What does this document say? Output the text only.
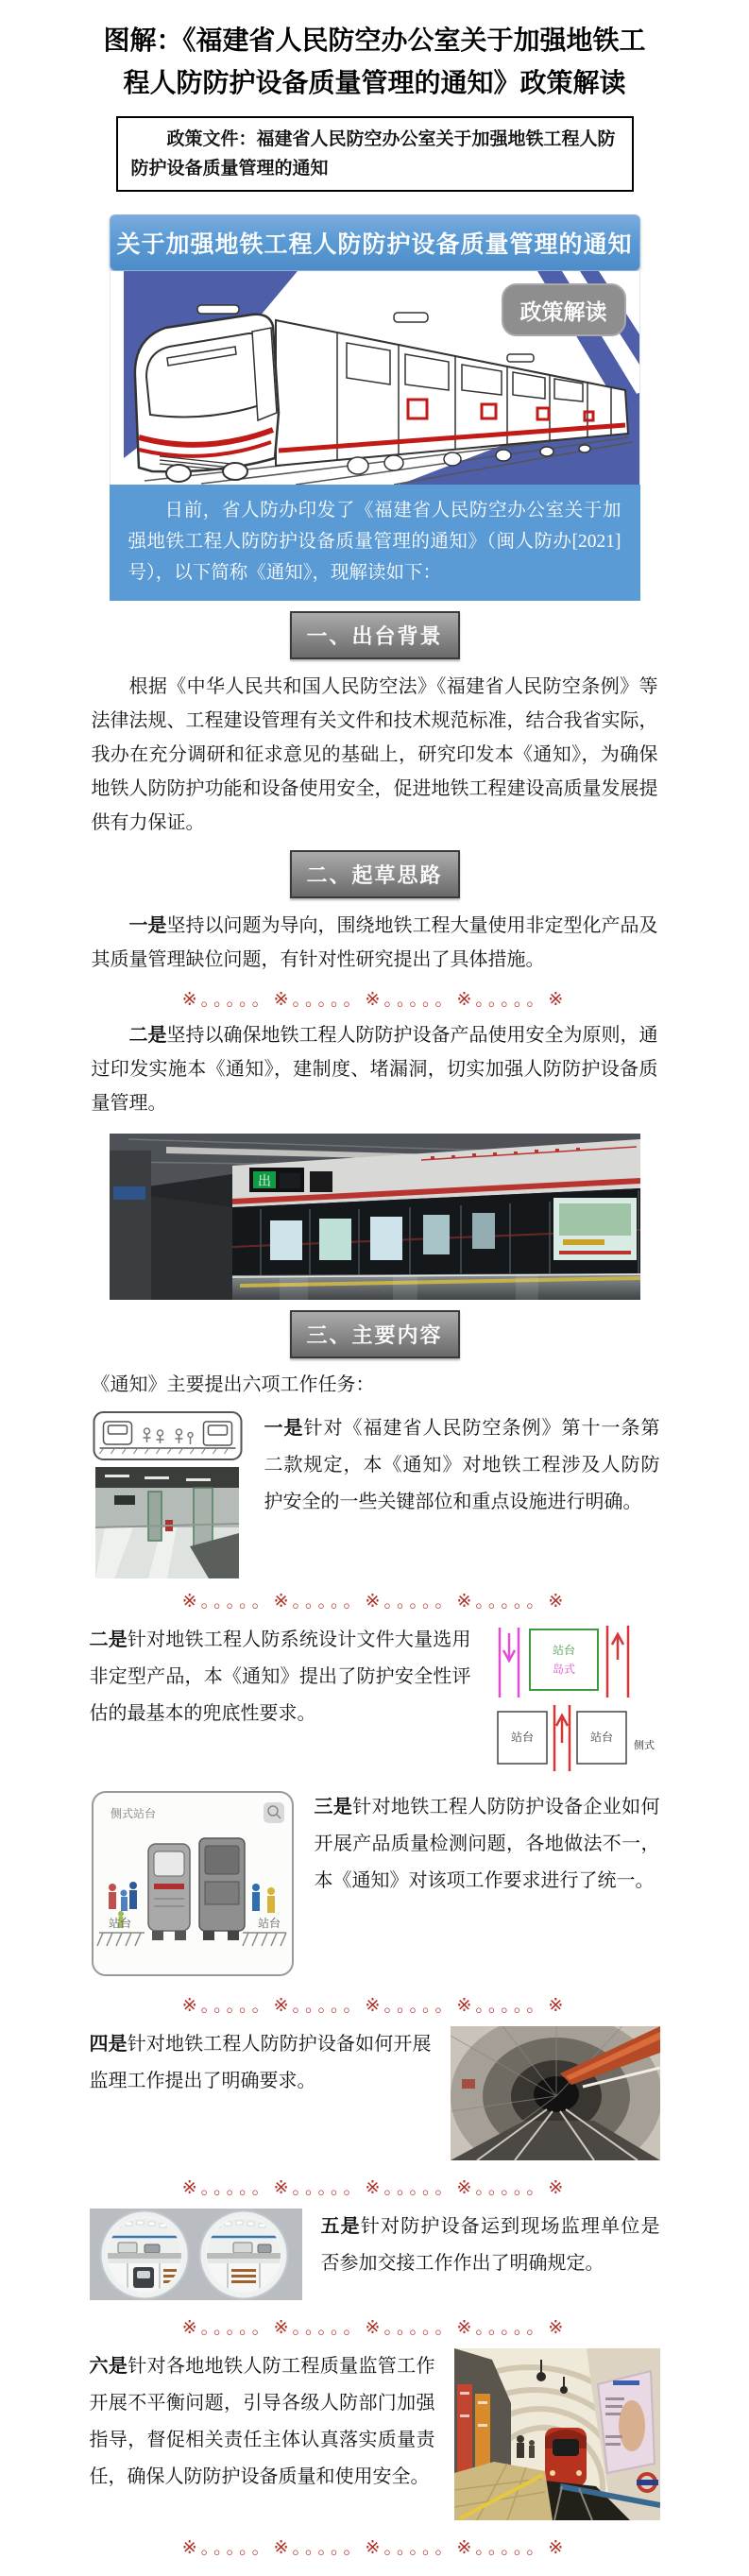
图解：《福建省人民防空办公室关于加强地铁工程人防防护设备质量管理的通知》政策解读
政策文件：福建省人民防空办公室关于加强地铁工程人防防护设备质量管理的通知
关于加强地铁工程人防防护设备质量管理的通知
政策解读
日前，省人防办印发了《福建省人民防空办公室关于加强地铁工程人防防护设备质量管理的通知》（闽人防办[2021]号），以下简称《通知》，现解读如下：
一、出台背景

根据《中华人民共和国人民防空法》《福建省人民防空条例》等法律法规、工程建设管理有关文件和技术规范标准，结合我省实际，我办在充分调研和征求意见的基础上，研究印发本《通知》，为确保地铁人防防护功能和设备使用安全，促进地铁工程建设高质量发展提供有力保证。

二、起草思路

一是坚持以问题为导向，围绕地铁工程大量使用非定型化产品及其质量管理缺位问题，有针对性研究提出了具体措施。

※。。。。。※。。。。。※。。。。。※。。。。。※

二是坚持以确保地铁工程人防防护设备产品使用安全为原则，通过印发实施本《通知》，建制度、堵漏洞，切实加强人防防护设备质量管理。

出
三、主要内容

《通知》主要提出六项工作任务：

一是针对《福建省人民防空条例》第十一条第二款规定，本《通知》对地铁工程涉及人防防护安全的一些关键部位和重点设施进行明确。
※。。。。。※。。。。。※。。。。。※。。。。。※
二是针对地铁工程人防系统设计文件大量选用非定型产品，本《通知》提出了防护安全性评估的最基本的兜底性要求。
站台
岛式
站台	站台
侧式
侧式站台
站台	站台
三是针对地铁工程人防防护设备企业如何开展产品质量检测问题，各地做法不一，本《通知》对该项工作要求进行了统一。
※。。。。。※。。。。。※。。。。。※。。。。。※
四是针对地铁工程人防防护设备如何开展监理工作提出了明确要求。
※。。。。。※。。。。。※。。。。。※。。。。。※
五是针对防护设备运到现场监理单位是否参加交接工作作出了明确规定。
※。。。。。※。。。。。※。。。。。※。。。。。※
六是针对各地地铁人防工程质量监管工作开展不平衡问题，引导各级人防部门加强指导，督促相关责任主体认真落实质量责任，确保人防防护设备质量和使用安全。
※。。。。。※。。。。。※。。。。。※。。。。。※
